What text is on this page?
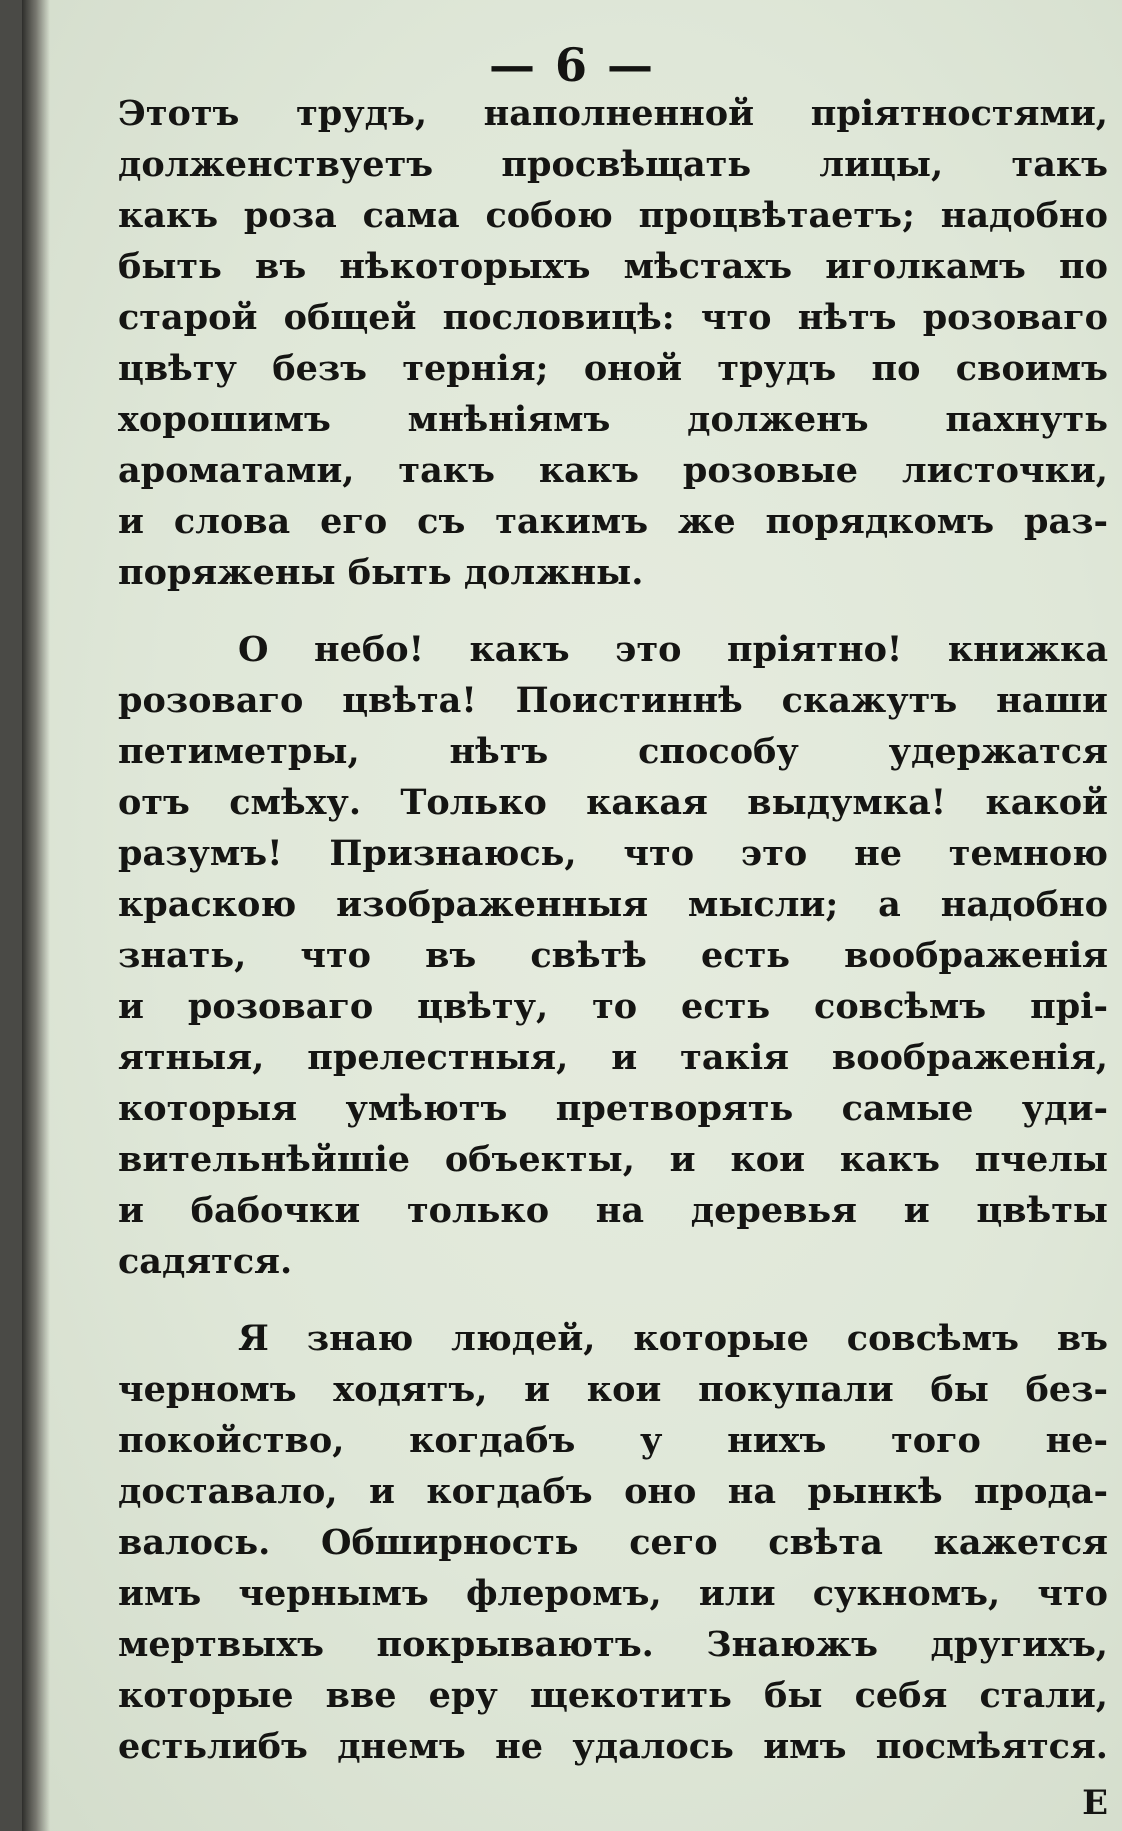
— 6 —
Этотъ трудъ, наполненной пріятностями,
долженствуетъ просвѣщать лицы, такъ
какъ роза сама собою процвѣтаетъ; надобно
быть въ нѣкоторыхъ мѣстахъ иголкамъ по
старой общей пословицѣ: что нѣтъ розоваго
цвѣту безъ тернія; оной трудъ по своимъ
хорошимъ мнѣніямъ долженъ пахнуть
ароматами, такъ какъ розовые листочки,
и слова его съ такимъ же порядкомъ раз-
поряжены быть должны.
О небо! какъ это пріятно! книжка
розоваго цвѣта! Поистиннѣ скажутъ наши
петиметры, нѣтъ способу удержатся
отъ смѣху. Только какая выдумка! какой
разумъ! Признаюсь, что это не темною
краскою изображенныя мысли; а надобно
знать, что въ свѣтѣ есть воображенія
и розоваго цвѣту, то есть совсѣмъ прі-
ятныя, прелестныя, и такія воображенія,
которыя умѣютъ претворять самые уди-
вительнѣйшіе объекты, и кои какъ пчелы
и бабочки только на деревья и цвѣты
садятся.
Я знаю людей, которые совсѣмъ въ
черномъ ходятъ, и кои покупали бы без-
покойство, когдабъ у нихъ того не-
доставало, и когдабъ оно на рынкѣ прода-
валось. Обширность сего свѣта кажется
имъ чернымъ флеромъ, или сукномъ, что
мертвыхъ покрываютъ. Знаюжъ другихъ,
которые вве еру щекотить бы себя стали,
естьлибъ днемъ не удалось имъ посмѣятся.
Е
